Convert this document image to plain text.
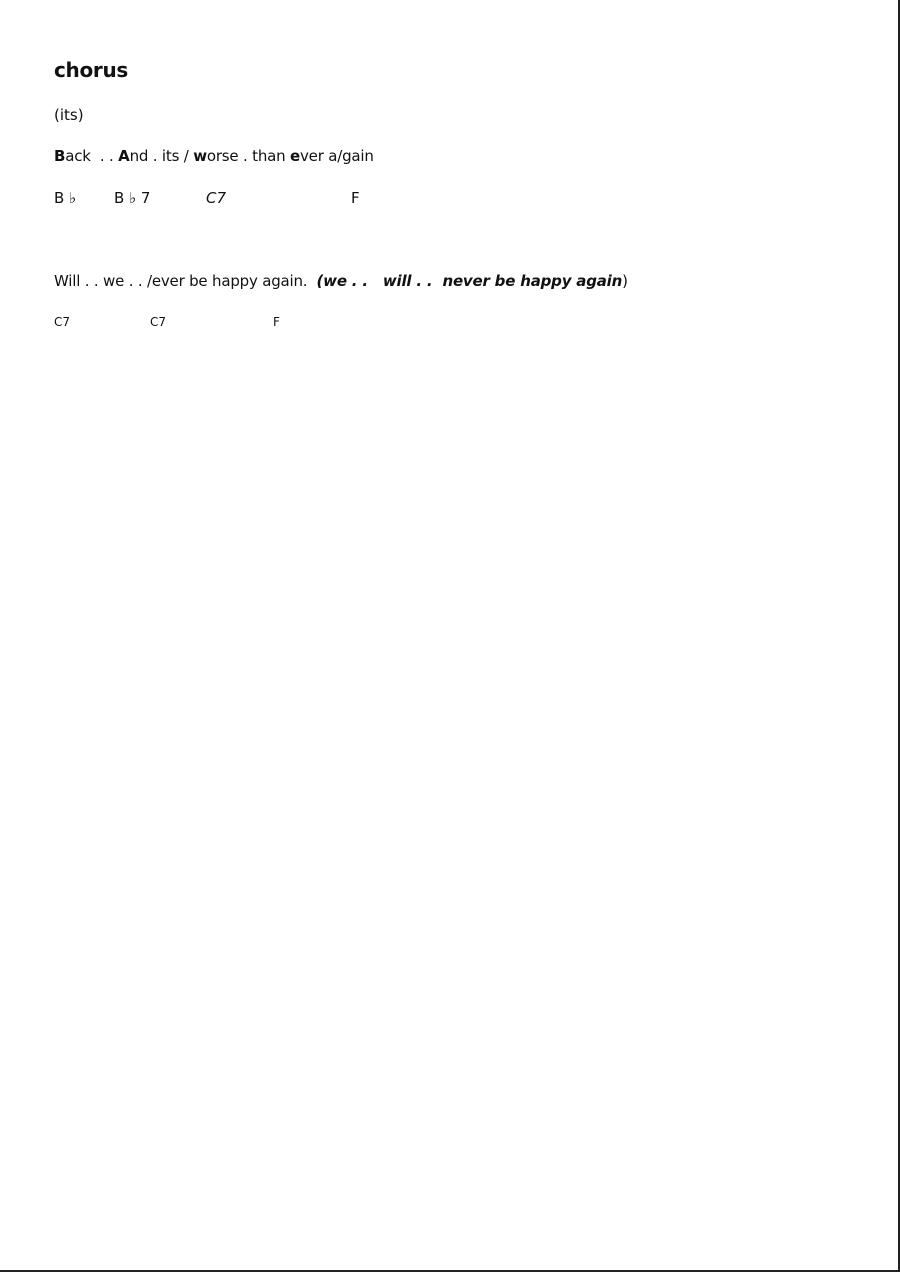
chorus
(its)
Back  . . And . its / worse . than ever a/gain

B ♭

	B ♭ 7

	C7

	F

Will . . we . . /ever be happy again.  (we . .   will . .  never be happy again)

C7

	C7

	F
